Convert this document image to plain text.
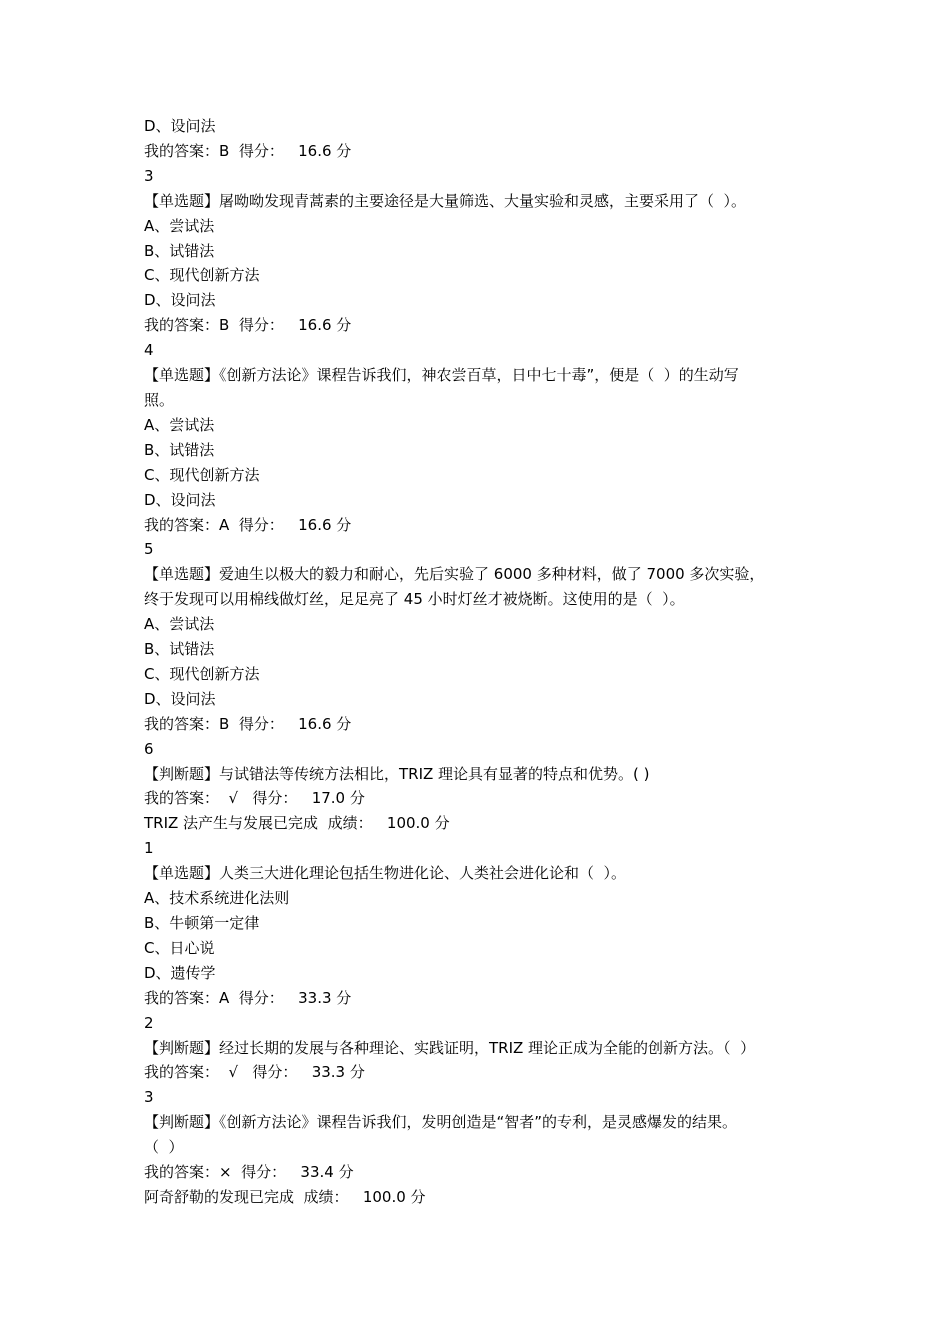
D、设问法

我的答案：B  得分：   16.6 分

3

【单选题】屠呦呦发现青蒿素的主要途径是大量筛选、大量实验和灵感，主要采用了（  ）。

A、尝试法

B、试错法

C、现代创新方法

D、设问法

我的答案：B  得分：   16.6 分

4

【单选题】《创新方法论》课程告诉我们，神农尝百草，日中七十毒”，便是（  ）的生动写

照。

A、尝试法

B、试错法

C、现代创新方法

D、设问法

我的答案：A  得分：   16.6 分

5

【单选题】爱迪生以极大的毅力和耐心，先后实验了 6000 多种材料，做了 7000 多次实验，

终于发现可以用棉线做灯丝，足足亮了 45 小时灯丝才被烧断。这使用的是（  ）。

A、尝试法

B、试错法

C、现代创新方法

D、设问法

我的答案：B  得分：   16.6 分

6

【判断题】与试错法等传统方法相比，TRIZ 理论具有显著的特点和优势。( )

我的答案：  √   得分：   17.0 分

TRIZ 法产生与发展已完成  成绩：   100.0 分

1

【单选题】人类三大进化理论包括生物进化论、人类社会进化论和（  ）。

A、技术系统进化法则

B、牛顿第一定律

C、日心说

D、遗传学

我的答案：A  得分：   33.3 分

2

【判断题】经过长期的发展与各种理论、实践证明，TRIZ 理论正成为全能的创新方法。（  ）

我的答案：  √   得分：   33.3 分

3

【判断题】《创新方法论》课程告诉我们，发明创造是“智者”的专利，是灵感爆发的结果。

（  ）

我的答案：×  得分：   33.4 分

阿奇舒勒的发现已完成  成绩：   100.0 分
